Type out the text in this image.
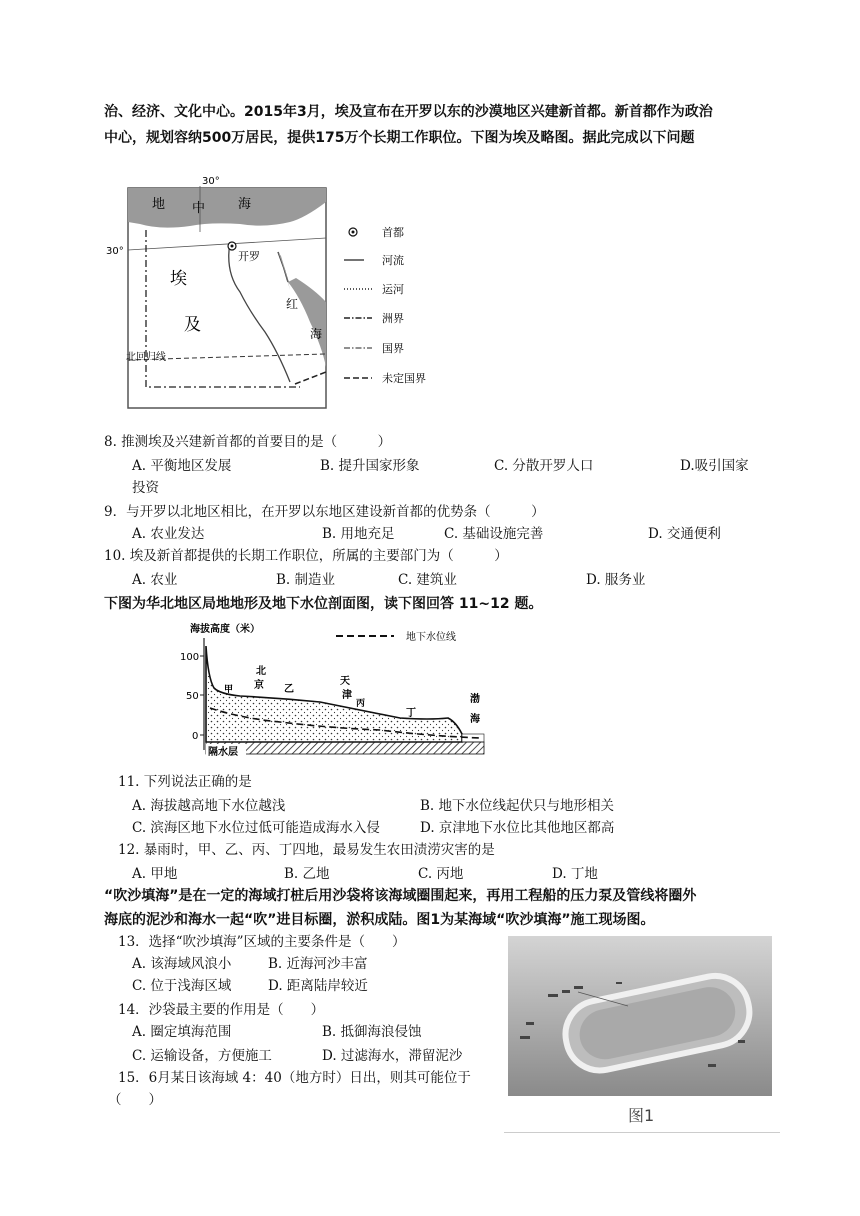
治、经济、文化中心。2015年3月，埃及宣布在开罗以东的沙漠地区兴建新首都。新首都作为政治
中心，规划容纳500万居民，提供175万个长期工作职位。下图为埃及略图。据此完成以下问题
30°
30°
地 中	海
埃
及
开罗
红
海
北回归线
首都
河流
运河
洲界
国界
未定国界
8. 推测埃及兴建新首都的首要目的是（　　　）
A. 平衡地区发展	B. 提升国家形象	C. 分散开罗人口	D.吸引国家
投资
9．与开罗以北地区相比，在开罗以东地区建设新首都的优势条（　　　）
A. 农业发达	B. 用地充足	C. 基础设施完善	D. 交通便利
10. 埃及新首都提供的长期工作职位，所属的主要部门为（　　　）
A. 农业	B. 制造业	C. 建筑业	D. 服务业
下图为华北地区局地地形及地下水位剖面图，读下图回答 11~12 题。
100
50
0
海拔高度（米）
地下水位线
隔水层
北
京
甲	乙
天
津
丙
丁
渤
海
11. 下列说法正确的是
A. 海拔越高地下水位越浅	B. 地下水位线起伏只与地形相关
C. 滨海区地下水位过低可能造成海水入侵	D. 京津地下水位比其他地区都高
12. 暴雨时，甲、乙、丙、丁四地，最易发生农田渍涝灾害的是
A. 甲地	B. 乙地	C. 丙地	D. 丁地
“吹沙填海”是在一定的海域打桩后用沙袋将该海域圈围起来，再用工程船的压力泵及管线将圈外
海底的泥沙和海水一起“吹”进目标圈，淤积成陆。图1为某海域“吹沙填海”施工现场图。
13．选择“吹沙填海”区域的主要条件是（　　）
A. 该海域风浪小	B. 近海河沙丰富
C. 位于浅海区域	D. 距离陆岸较近
14．沙袋最主要的作用是（　　）
A. 圈定填海范围	B. 抵御海浪侵蚀
C. 运输设备，方便施工	D. 过滤海水，滞留泥沙
15．6月某日该海域 4：40（地方时）日出，则其可能位于
（　　）
图1
